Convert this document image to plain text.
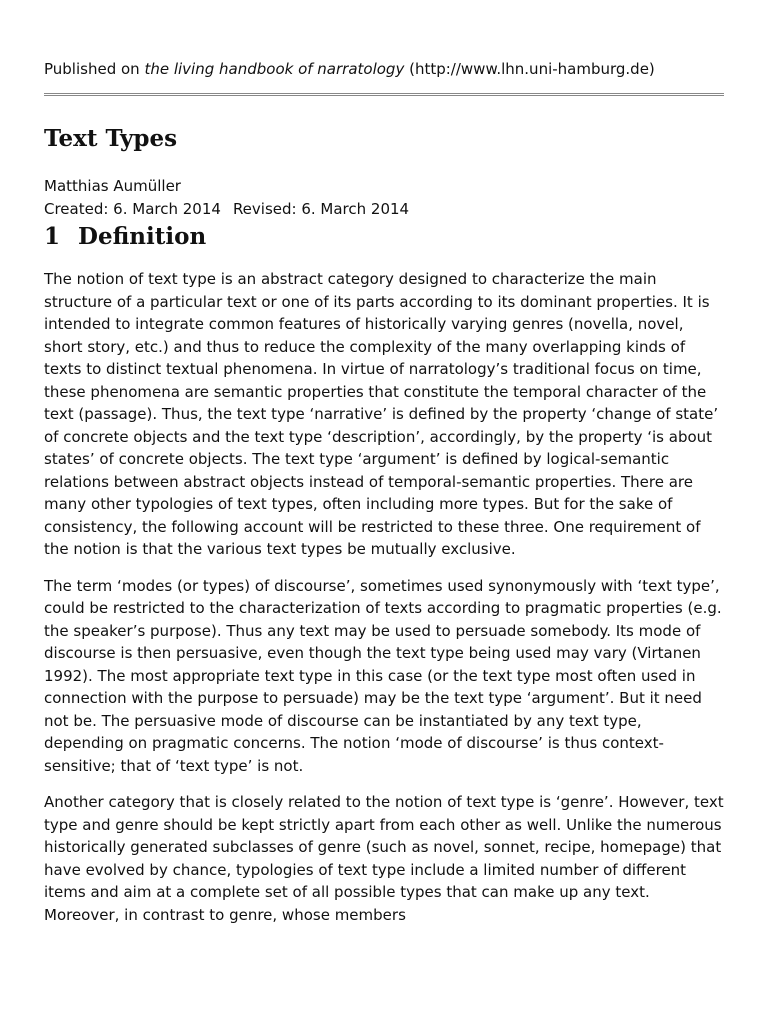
Published on the living handbook of narratology (http://www.lhn.uni-hamburg.de)
Text Types
Matthias Aumüller
Created: 6. March 2014 Revised: 6. March 2014
1 Definition

The notion of text type is an abstract category designed to characterize the main structure of a particular text or one of its parts according to its dominant properties. It is intended to integrate common features of historically varying genres (novella, novel, short story, etc.) and thus to reduce the complexity of the many overlapping kinds of texts to distinct textual phenomena. In virtue of narratology’s traditional focus on time, these phenomena are semantic properties that constitute the temporal character of the text (passage). Thus, the text type ‘narrative’ is defined by the property ‘change of state’ of concrete objects and the text type ‘description’, accordingly, by the property ‘is about states’ of concrete objects. The text type ‘argument’ is defined by logical-semantic relations between abstract objects instead of temporal-semantic properties. There are many other typologies of text types, often including more types. But for the sake of consistency, the following account will be restricted to these three. One requirement of the notion is that the various text types be mutually exclusive.

The term ‘modes (or types) of discourse’, sometimes used synonymously with ‘text type’, could be restricted to the characterization of texts according to pragmatic properties (e.g. the speaker’s purpose). Thus any text may be used to persuade somebody. Its mode of discourse is then persuasive, even though the text type being used may vary (Virtanen 1992). The most appropriate text type in this case (or the text type most often used in connection with the purpose to persuade) may be the text type ‘argument’. But it need not be. The persuasive mode of discourse can be instantiated by any text type, depending on pragmatic concerns. The notion ‘mode of discourse’ is thus context-sensitive; that of ‘text type’ is not.

Another category that is closely related to the notion of text type is ‘genre’. However, text type and genre should be kept strictly apart from each other as well. Unlike the numerous historically generated subclasses of genre (such as novel, sonnet, recipe, homepage) that have evolved by chance, typologies of text type include a limited number of different items and aim at a complete set of all possible types that can make up any text. Moreover, in contrast to genre, whose members
